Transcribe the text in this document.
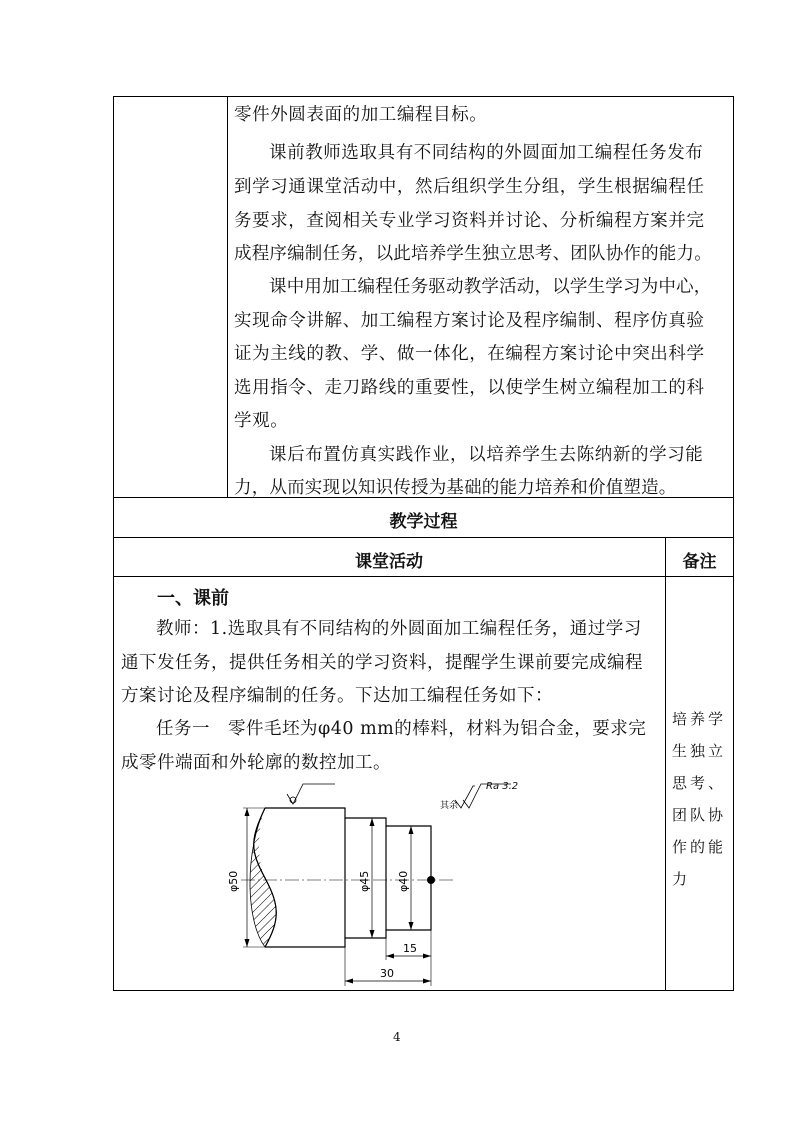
零件外圆表面的加工编程目标。
课前教师选取具有不同结构的外圆面加工编程任务发布
到学习通课堂活动中，然后组织学生分组，学生根据编程任
务要求，查阅相关专业学习资料并讨论、分析编程方案并完
成程序编制任务，以此培养学生独立思考、团队协作的能力。
课中用加工编程任务驱动教学活动，以学生学习为中心，
实现命令讲解、加工编程方案讨论及程序编制、程序仿真验
证为主线的教、学、做一体化，在编程方案讨论中突出科学
选用指令、走刀路线的重要性，以使学生树立编程加工的科
学观。
课后布置仿真实践作业，以培养学生去陈纳新的学习能
力，从而实现以知识传授为基础的能力培养和价值塑造。
教学过程
课堂活动	备注
一、课前
教师：1.选取具有不同结构的外圆面加工编程任务，通过学习
通下发任务，提供任务相关的学习资料，提醒学生课前要完成编程
方案讨论及程序编制的任务。下达加工编程任务如下：
任务一　零件毛坯为φ40 mm的棒料，材料为铝合金，要求完
成零件端面和外轮廓的数控加工。
培养学
生独立
思考、
团队协
作的能
力
φ50	φ45 φ40
15
30
其余
Ra 3.2
4
